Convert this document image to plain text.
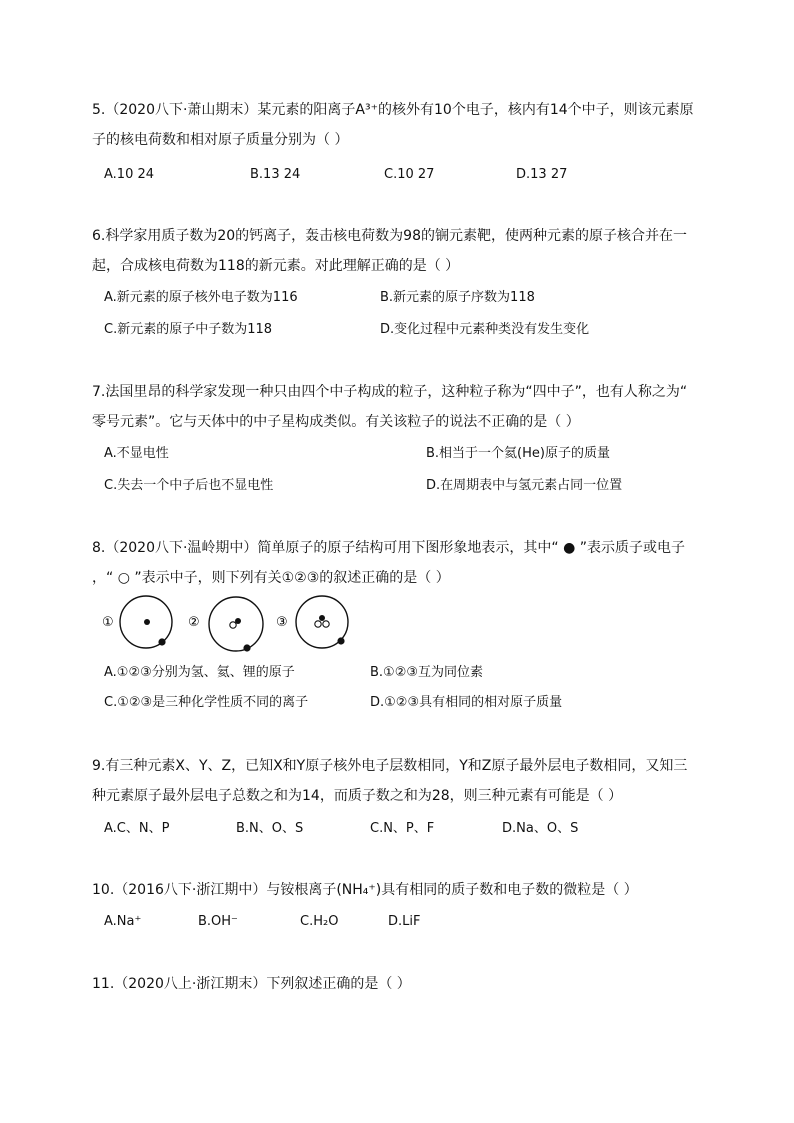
5.（2020八下·萧山期末）某元素的阳离子A³⁺的核外有10个电子，核内有14个中子，则该元素原
子的核电荷数和相对原子质量分别为（ ）
A.10 24	B.13 24	C.10 27	D.13 27
6.科学家用质子数为20的钙离子，轰击核电荷数为98的锎元素靶，使两种元素的原子核合并在一
起，合成核电荷数为118的新元素。对此理解正确的是（ ）
A.新元素的原子核外电子数为116	B.新元素的原子序数为118
C.新元素的原子中子数为118	D.变化过程中元素种类没有发生变化
7.法国里昂的科学家发现一种只由四个中子构成的粒子，这种粒子称为“四中子”，也有人称之为“
零号元素”。它与天体中的中子星构成类似。有关该粒子的说法不正确的是（ ）
A.不显电性	B.相当于一个氦(He)原子的质量
C.失去一个中子后也不显电性	D.在周期表中与氢元素占同一位置
8.（2020八下·温岭期中）简单原子的原子结构可用下图形象地表示，其中“ ● ”表示质子或电子
，“ ○ ”表示中子，则下列有关①②③的叙述正确的是（ ）
①	②	③
A.①②③分别为氢、氦、锂的原子	B.①②③互为同位素
C.①②③是三种化学性质不同的离子	D.①②③具有相同的相对原子质量
9.有三种元素X、Y、Z，已知X和Y原子核外电子层数相同，Y和Z原子最外层电子数相同，又知三
种元素原子最外层电子总数之和为14，而质子数之和为28，则三种元素有可能是（ ）
A.C、N、P	B.N、O、S	C.N、P、F	D.Na、O、S
10.（2016八下·浙江期中）与铵根离子(NH₄⁺)具有相同的质子数和电子数的微粒是（ ）
A.Na⁺	B.OH⁻	C.H₂O	D.LiF
11.（2020八上·浙江期末）下列叙述正确的是（ ）
